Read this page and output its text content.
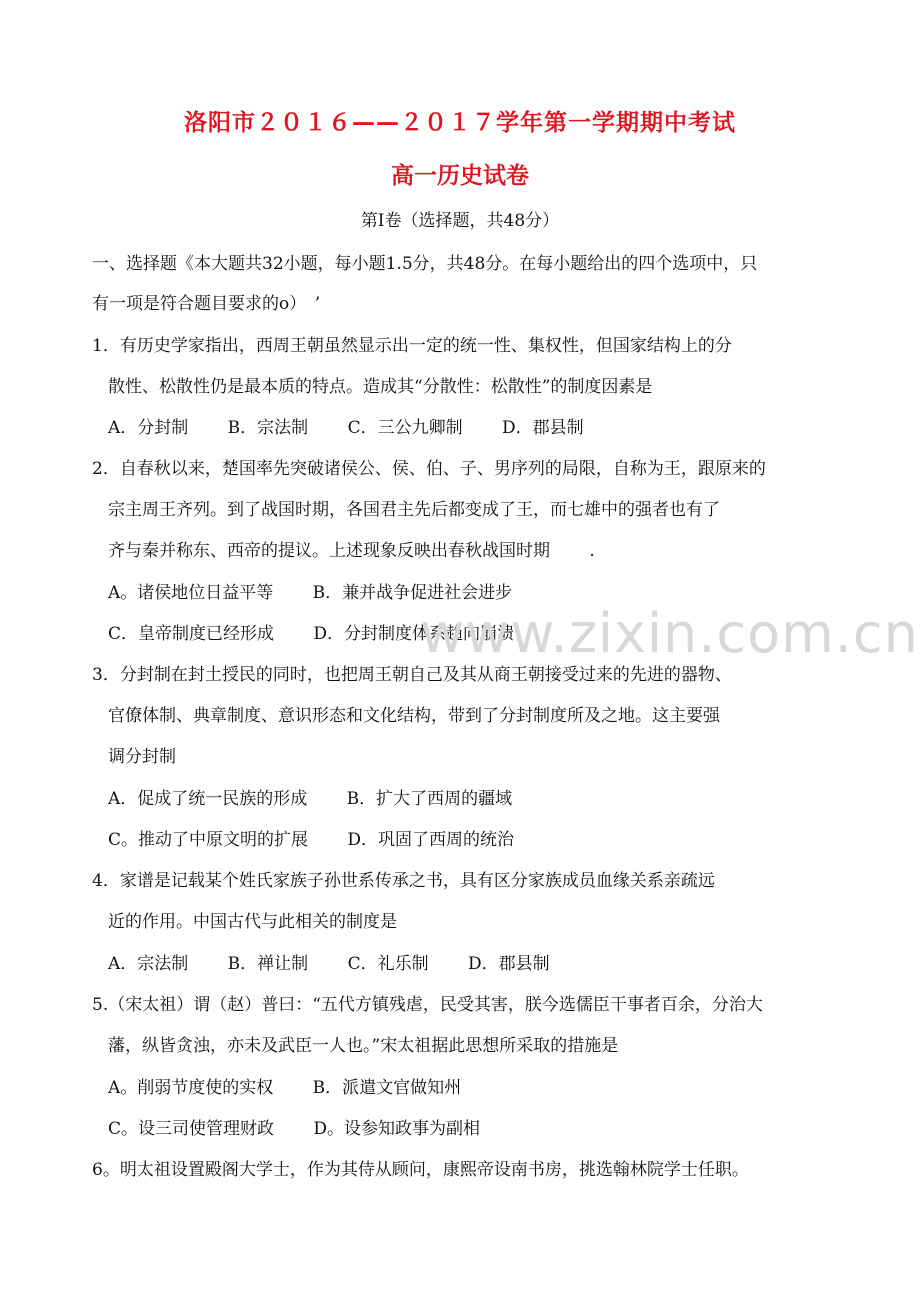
洛阳市２０１６——２０１７学年第一学期期中考试
高一历史试卷
第Ⅰ卷（选择题，共48分）
一、选择题《本大题共32小题，每小题1.5分，共48分。在每小题给出的四个选项中，只
有一项是符合题目要求的o）　’
1．有历史学家指出，西周王朝虽然显示出一定的统一性、集权性，但国家结构上的分
散性、松散性仍是最本质的特点。造成其“分散性：松散性”的制度因素是
A．分封制　　 B．宗法制　　 C．三公九卿制　　 D．郡县制
2．自春秋以来，楚国率先突破诸侯公、侯、伯、子、男序列的局限，自称为王，跟原来的
宗主周王齐列。到了战国时期，各国君主先后都变成了王，而七雄中的强者也有了
齐与秦并称东、西帝的提议。上述现象反映出春秋战国时期　　 .
A。诸侯地位日益平等　　 B．兼并战争促进社会进步
C．皇帝制度已经形成　　 D．分封制度体系趋向崩溃
3．分封制在封土授民的同时，也把周王朝自己及其从商王朝接受过来的先进的器物、
官僚体制、典章制度、意识形态和文化结构，带到了分封制度所及之地。这主要强
调分封制
A．促成了统一民族的形成　　 B．扩大了西周的疆域
C。推动了中原文明的扩展　　 D．巩固了西周的统治
4．家谱是记载某个姓氏家族子孙世系传承之书，具有区分家族成员血缘关系亲疏远
近的作用。中国古代与此相关的制度是
A．宗法制　　 B．禅让制　　 C．礼乐制　　 D．郡县制
5.（宋太祖）谓（赵）普曰：“五代方镇残虐，民受其害，朕今选儒臣干事者百余，分治大
藩，纵皆贪浊，亦未及武臣一人也。”宋太祖据此思想所采取的措施是
A。削弱节度使的实权　　 B．派遣文官做知州
C。设三司使管理财政　　 D。设参知政事为副相
6。明太祖设置殿阁大学士，作为其侍从顾问，康熙帝设南书房，挑选翰林院学士任职。
www.zixin.com.cn
